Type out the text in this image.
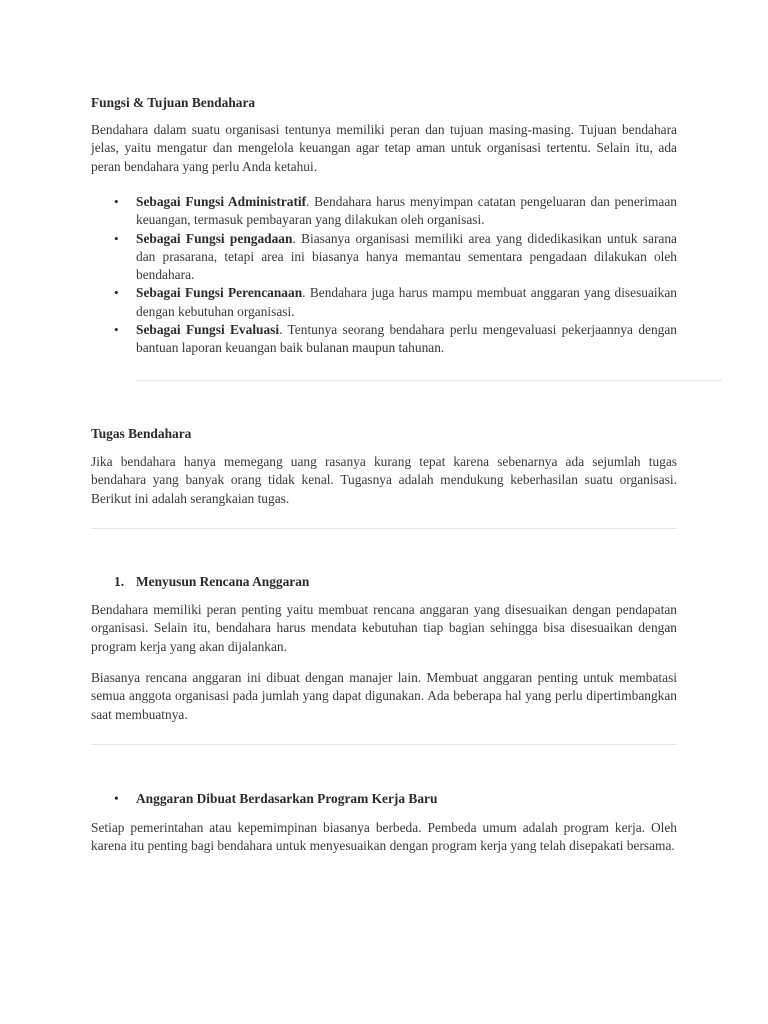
Fungsi & Tujuan Bendahara
Bendahara dalam suatu organisasi tentunya memiliki peran dan tujuan masing-masing. Tujuan bendahara jelas, yaitu mengatur dan mengelola keuangan agar tetap aman untuk organisasi tertentu. Selain itu, ada peran bendahara yang perlu Anda ketahui.
• Sebagai Fungsi Administratif. Bendahara harus menyimpan catatan pengeluaran dan penerimaan keuangan, termasuk pembayaran yang dilakukan oleh organisasi.
• Sebagai Fungsi pengadaan. Biasanya organisasi memiliki area yang didedikasikan untuk sarana dan prasarana, tetapi area ini biasanya hanya memantau sementara pengadaan dilakukan oleh bendahara.
• Sebagai Fungsi Perencanaan. Bendahara juga harus mampu membuat anggaran yang disesuaikan dengan kebutuhan organisasi.
• Sebagai Fungsi Evaluasi. Tentunya seorang bendahara perlu mengevaluasi pekerjaannya dengan bantuan laporan keuangan baik bulanan maupun tahunan.
Tugas Bendahara
Jika bendahara hanya memegang uang rasanya kurang tepat karena sebenarnya ada sejumlah tugas bendahara yang banyak orang tidak kenal. Tugasnya adalah mendukung keberhasilan suatu organisasi. Berikut ini adalah serangkaian tugas.
1. Menyusun Rencana Anggaran
Bendahara memiliki peran penting yaitu membuat rencana anggaran yang disesuaikan dengan pendapatan organisasi. Selain itu, bendahara harus mendata kebutuhan tiap bagian sehingga bisa disesuaikan dengan program kerja yang akan dijalankan.
Biasanya rencana anggaran ini dibuat dengan manajer lain. Membuat anggaran penting untuk membatasi semua anggota organisasi pada jumlah yang dapat digunakan. Ada beberapa hal yang perlu dipertimbangkan saat membuatnya.
• Anggaran Dibuat Berdasarkan Program Kerja Baru
Setiap pemerintahan atau kepemimpinan biasanya berbeda. Pembeda umum adalah program kerja. Oleh karena itu penting bagi bendahara untuk menyesuaikan dengan program kerja yang telah disepakati bersama.
